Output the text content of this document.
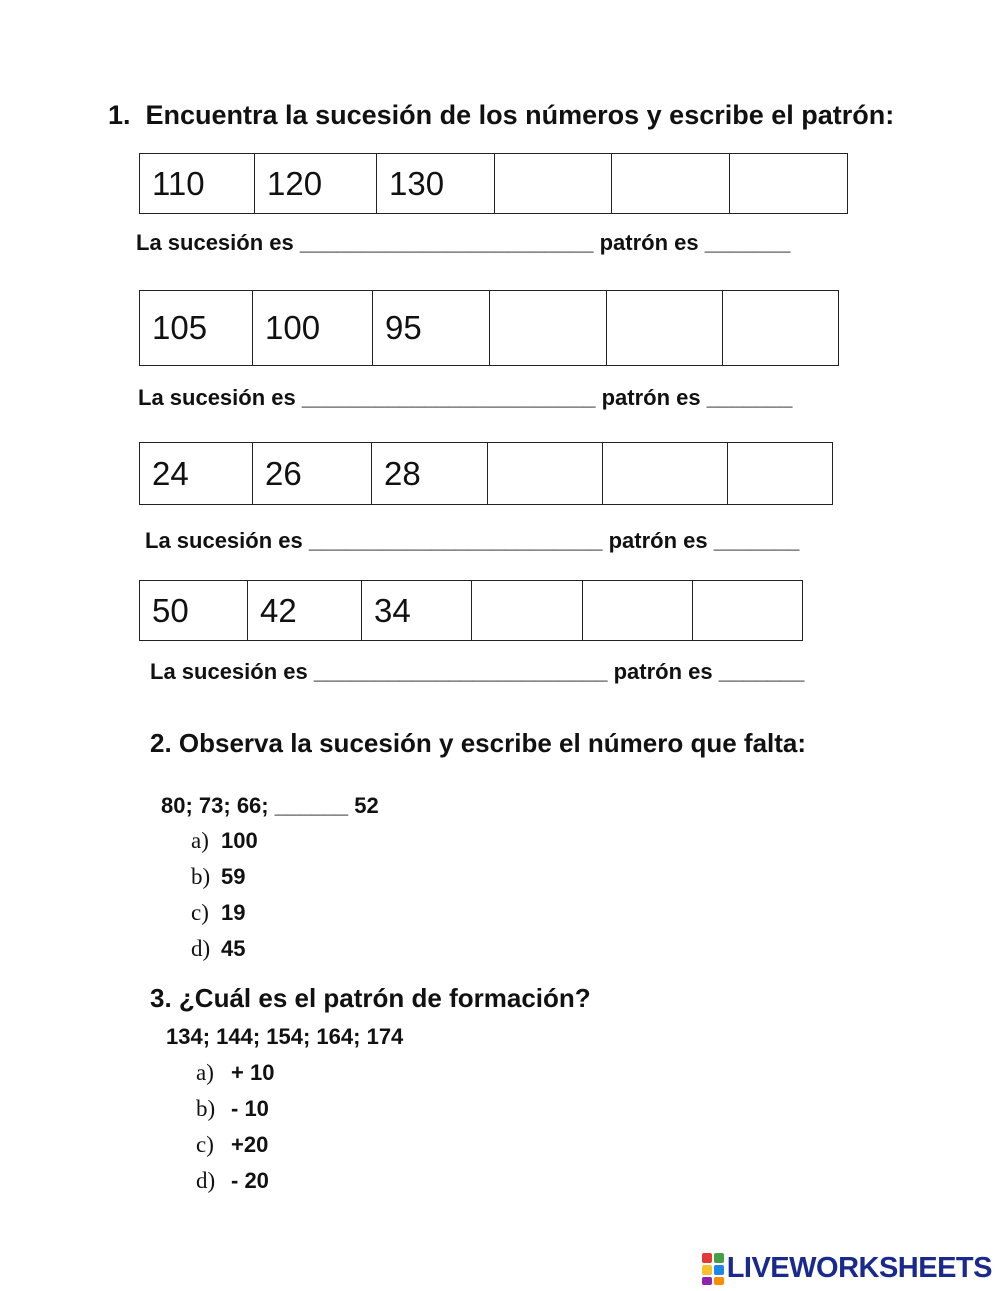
1. Encuentra la sucesión de los números y escribe el patrón:
110	120	130			
La sucesión es ________________________ patrón es _______
105	100	95			
La sucesión es ________________________ patrón es _______
24	26	28			
La sucesión es ________________________ patrón es _______
50	42	34			
La sucesión es ________________________ patrón es _______
2. Observa la sucesión y escribe el número que falta:
80; 73; 66; ______ 52
a) 100
b) 59
c) 19
d) 45
3. ¿Cuál es el patrón de formación?
134; 144; 154; 164; 174
a) + 10
b) - 10
c) +20
d) - 20
LIVEWORKSHEETS
